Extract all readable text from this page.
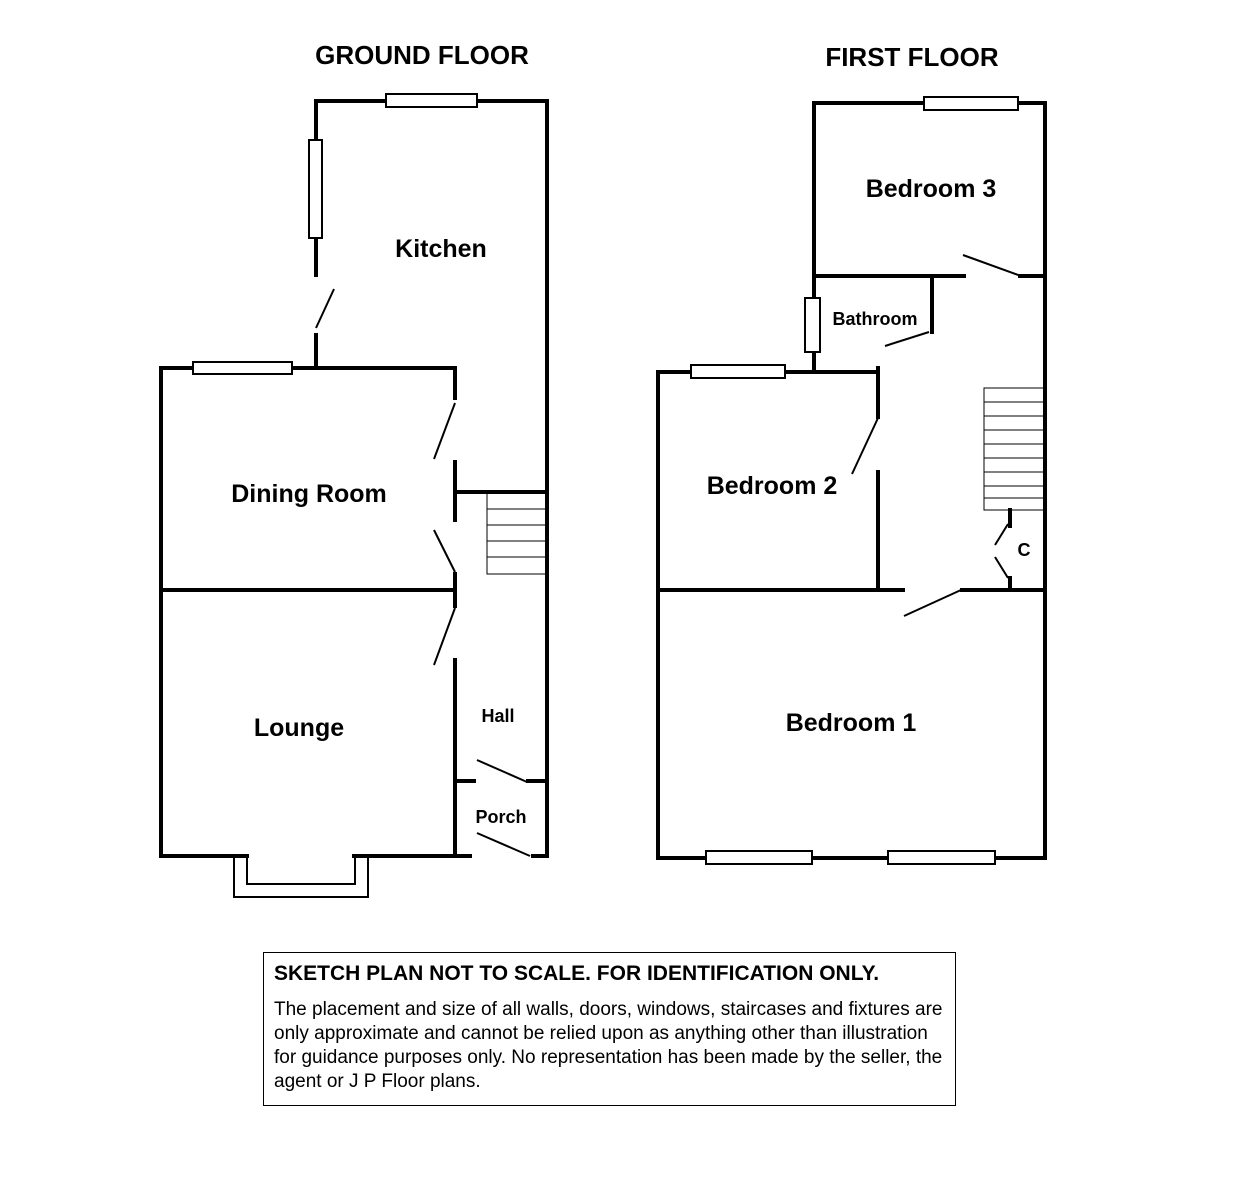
GROUND FLOOR
Kitchen
Dining Room
Lounge	Hall
Porch
FIRST FLOOR
Bedroom 3
Bathroom
Bedroom 2
Bedroom 1
C

SKETCH PLAN NOT TO SCALE. FOR IDENTIFICATION ONLY.

The placement and size of all walls, doors, windows, staircases and fixtures are only approximate and cannot be relied upon as anything other than illustration for guidance purposes only. No representation has been made by the seller, the agent or J P Floor plans.
